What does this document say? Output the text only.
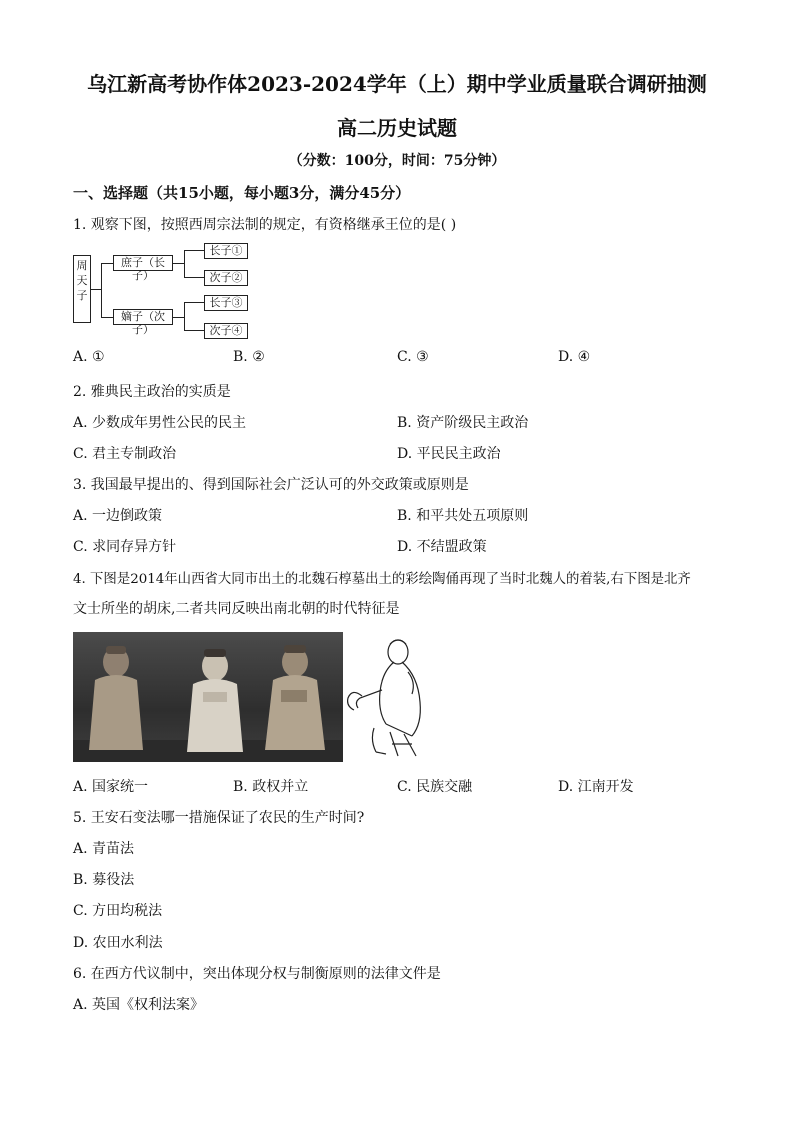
乌江新高考协作体2023-2024学年（上）期中学业质量联合调研抽测
高二历史试题
（分数：100分，时间：75分钟）
一、选择题（共15小题，每小题3分，满分45分）
1. 观察下图，按照西周宗法制的规定，有资格继承王位的是( )
周天子
庶子（长子）
嫡子（次子）
长子①
次子②
长子③
次子④
A. ①	B. ②	C. ③	D. ④
2. 雅典民主政治的实质是
A. 少数成年男性公民的民主	B. 资产阶级民主政治
C. 君主专制政治	D. 平民民主政治
3. 我国最早提出的、得到国际社会广泛认可的外交政策或原则是
A. 一边倒政策	B. 和平共处五项原则
C. 求同存异方针	D. 不结盟政策
4. 下图是2014年山西省大同市出土的北魏石椁墓出土的彩绘陶俑再现了当时北魏人的着装,右下图是北齐
文士所坐的胡床,二者共同反映出南北朝的时代特征是
A. 国家统一	B. 政权并立	C. 民族交融	D. 江南开发
5. 王安石变法哪一措施保证了农民的生产时间?
A. 青苗法
B. 募役法
C. 方田均税法
D. 农田水利法
6. 在西方代议制中，突出体现分权与制衡原则的法律文件是
A. 英国《权利法案》
